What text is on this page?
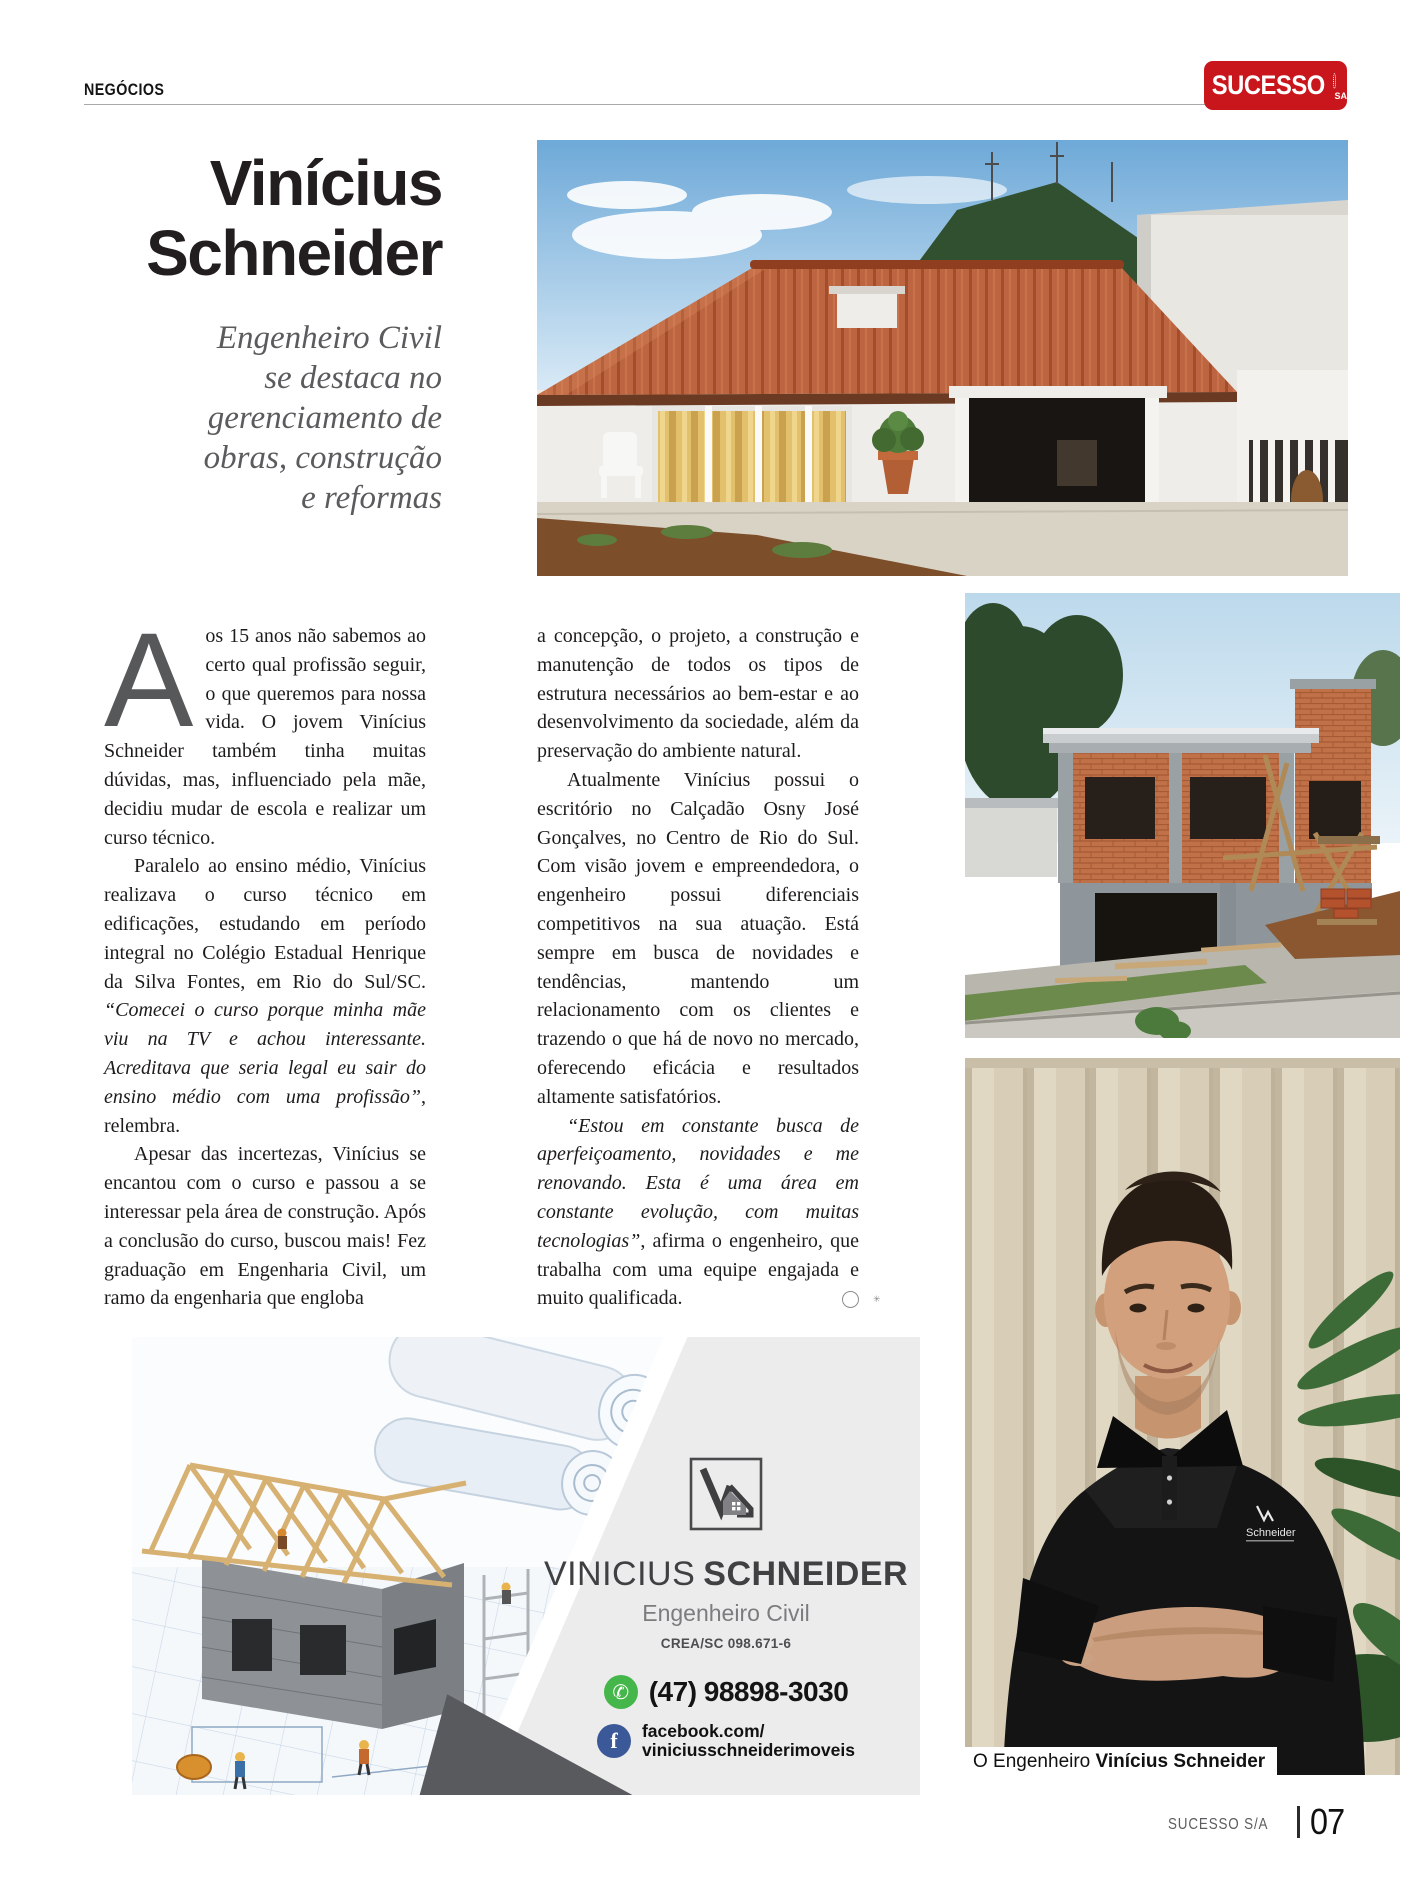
NEGÓCIOS	SUCESSO SA
Vinícius
Schneider
Engenheiro Civil
se destaca no
gerenciamento de
obras, construção
e reformas

Aos 15 anos não sabemos ao certo qual profissão seguir, o que queremos para nossa vida. O jovem Vinícius Schneider também tinha muitas dúvidas, mas, influenciado pela mãe, decidiu mudar de escola e realizar um curso técnico.

Paralelo ao ensino médio, Vinícius realizava o curso técnico em edificações, estudando em período integral no Colégio Estadual Henrique da Silva Fontes, em Rio do Sul/SC. “Comecei o curso porque minha mãe viu na TV e achou interessante. Acreditava que seria legal eu sair do ensino médio com uma profissão”, relembra.

Apesar das incertezas, Vinícius se encantou com o curso e passou a se interessar pela área de construção. Após a conclusão do curso, buscou mais! Fez graduação em Engenharia Civil, um ramo da engenharia que engloba

a concepção, o projeto, a construção e manutenção de todos os tipos de estrutura necessários ao bem-estar e ao desenvolvimento da sociedade, além da preservação do ambiente natural.

Atualmente Vinícius possui o escritório no Calçadão Osny José Gonçalves, no Centro de Rio do Sul. Com visão jovem e empreendedora, o engenheiro possui diferenciais competitivos na sua atuação. Está sempre em busca de novidades e tendências, mantendo um relacionamento com os clientes e trazendo o que há de novo no mercado, oferecendo eficácia e resultados altamente satisfatórios.

“Estou em constante busca de aperfeiçoamento, novidades e me renovando. Esta é uma área em constante evolução, com muitas tecnologias”, afirma o engenheiro, que trabalha com uma equipe engajada e muito qualificada.	✳

Schneider
O Engenheiro Vinícius Schneider
VINICIUS SCHNEIDER
Engenheiro Civil
CREA/SC 098.671-6
✆ (47) 98898-3030
f	facebook.com/
viniciusschneiderimoveis
SUCESSO S/A 07
